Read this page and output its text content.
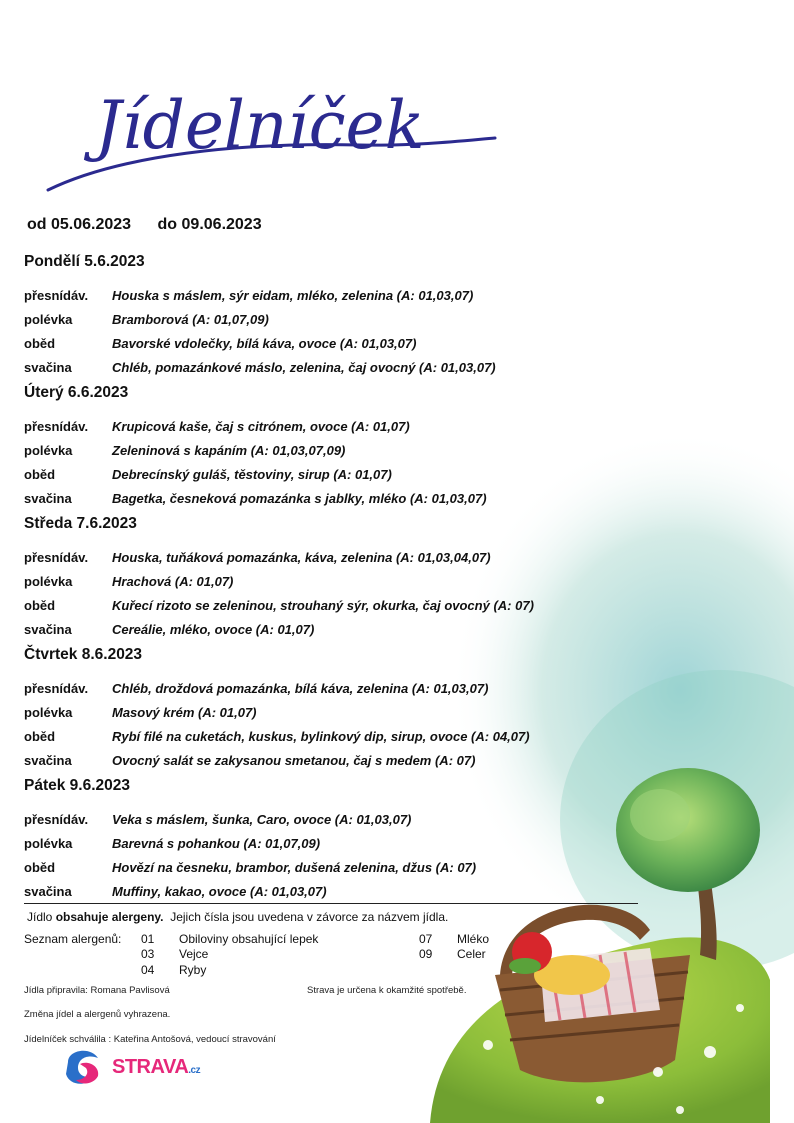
Jídelníček
od 05.06.2023 do 09.06.2023
Pondělí 5.6.2023
přesnídáv. Houska s máslem, sýr eidam, mléko, zelenina (A: 01,03,07)
polévka	Bramborová (A: 01,07,09)
oběd	Bavorské vdolečky, bílá káva, ovoce (A: 01,03,07)
svačina	Chléb, pomazánkové máslo, zelenina, čaj ovocný (A: 01,03,07)
Úterý 6.6.2023
přesnídáv. Krupicová kaše, čaj s citrónem, ovoce (A: 01,07)
polévka	Zeleninová s kapáním (A: 01,03,07,09)
oběd	Debrecínský guláš, těstoviny, sirup (A: 01,07)
svačina	Bagetka, česneková pomazánka s jablky, mléko (A: 01,03,07)
Středa 7.6.2023
přesnídáv. Houska, tuňáková pomazánka, káva, zelenina (A: 01,03,04,07)
polévka	Hrachová (A: 01,07)
oběd	Kuřecí rizoto se zeleninou, strouhaný sýr, okurka, čaj ovocný (A: 07)
svačina	Cereálie, mléko, ovoce (A: 01,07)
Čtvrtek 8.6.2023
přesnídáv. Chléb, droždová pomazánka, bílá káva, zelenina (A: 01,03,07)
polévka	Masový krém (A: 01,07)
oběd	Rybí filé na cuketách, kuskus, bylinkový dip, sirup, ovoce (A: 04,07)
svačina	Ovocný salát se zakysanou smetanou, čaj s medem (A: 07)
Pátek 9.6.2023
přesnídáv. Veka s máslem, šunka, Caro, ovoce (A: 01,03,07)
polévka	Barevná s pohankou (A: 01,07,09)
oběd	Hovězí na česneku, brambor, dušená zelenina, džus (A: 07)
svačina	Muffiny, kakao, ovoce (A: 01,03,07)
Jídlo obsahuje alergeny. Jejich čísla jsou uvedena v závorce za názvem jídla.
Seznam alergenů: 01 Obiloviny obsahující lepek
03 Vejce
04 Ryby
07 Mléko
09 Celer
Jídla připravila: Romana Pavlisová	Strava je určena k okamžité spotřebě.
Změna jídel a alergenů vyhrazena.
Jídelníček schválila : Kateřina Antošová, vedoucí stravování
STRAVA.cz
